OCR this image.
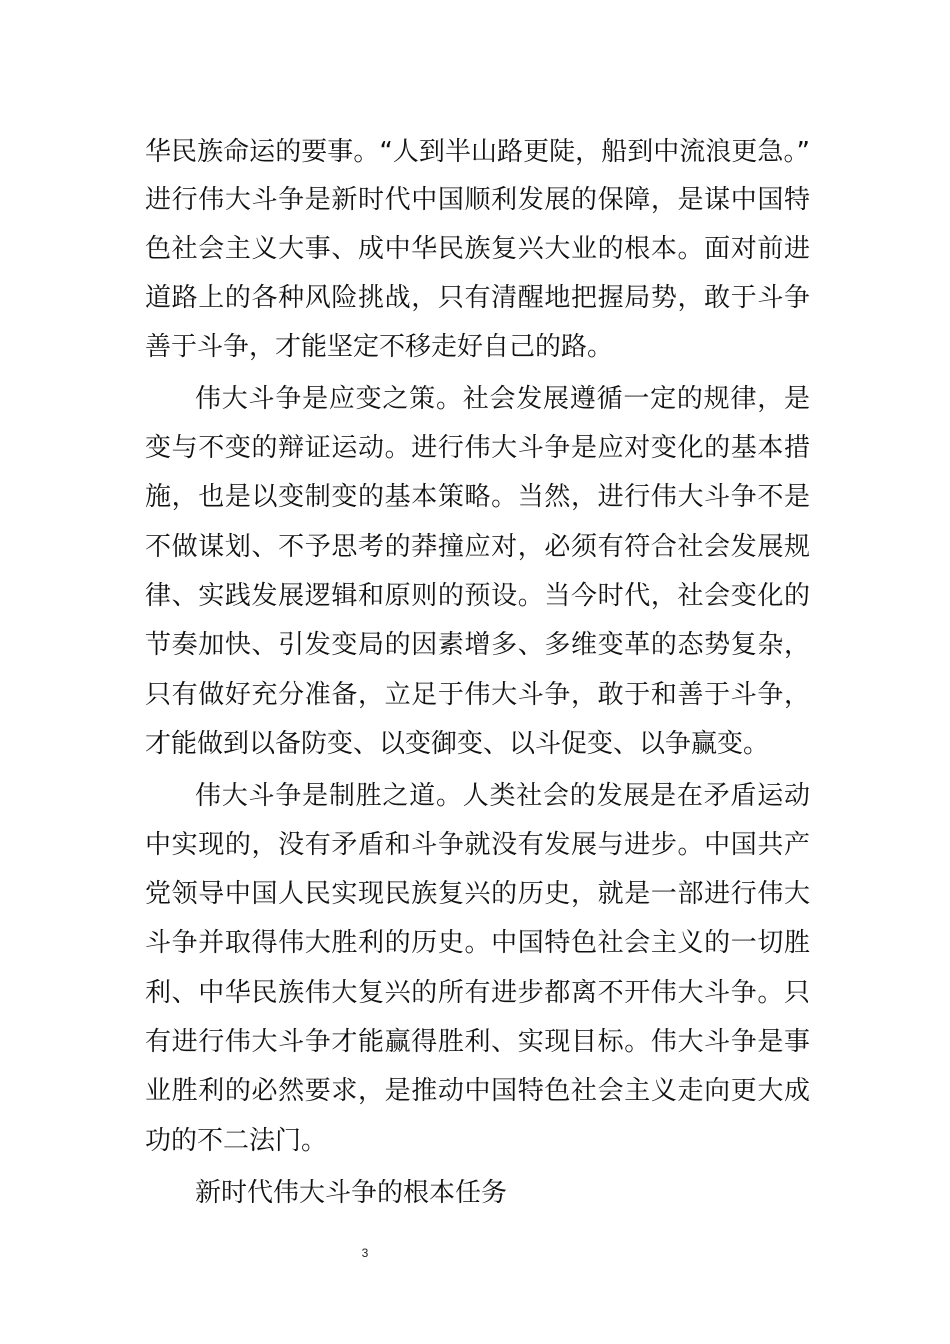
华民族命运的要事。“人到半山路更陡，船到中流浪更急。”
进行伟大斗争是新时代中国顺利发展的保障，是谋中国特
色社会主义大事、成中华民族复兴大业的根本。面对前进
道路上的各种风险挑战，只有清醒地把握局势，敢于斗争
善于斗争，才能坚定不移走好自己的路。
伟大斗争是应变之策。社会发展遵循一定的规律，是
变与不变的辩证运动。进行伟大斗争是应对变化的基本措
施，也是以变制变的基本策略。当然，进行伟大斗争不是
不做谋划、不予思考的莽撞应对，必须有符合社会发展规
律、实践发展逻辑和原则的预设。当今时代，社会变化的
节奏加快、引发变局的因素增多、多维变革的态势复杂，
只有做好充分准备，立足于伟大斗争，敢于和善于斗争，
才能做到以备防变、以变御变、以斗促变、以争赢变。
伟大斗争是制胜之道。人类社会的发展是在矛盾运动
中实现的，没有矛盾和斗争就没有发展与进步。中国共产
党领导中国人民实现民族复兴的历史，就是一部进行伟大
斗争并取得伟大胜利的历史。中国特色社会主义的一切胜
利、中华民族伟大复兴的所有进步都离不开伟大斗争。只
有进行伟大斗争才能赢得胜利、实现目标。伟大斗争是事
业胜利的必然要求，是推动中国特色社会主义走向更大成
功的不二法门。
新时代伟大斗争的根本任务
3
